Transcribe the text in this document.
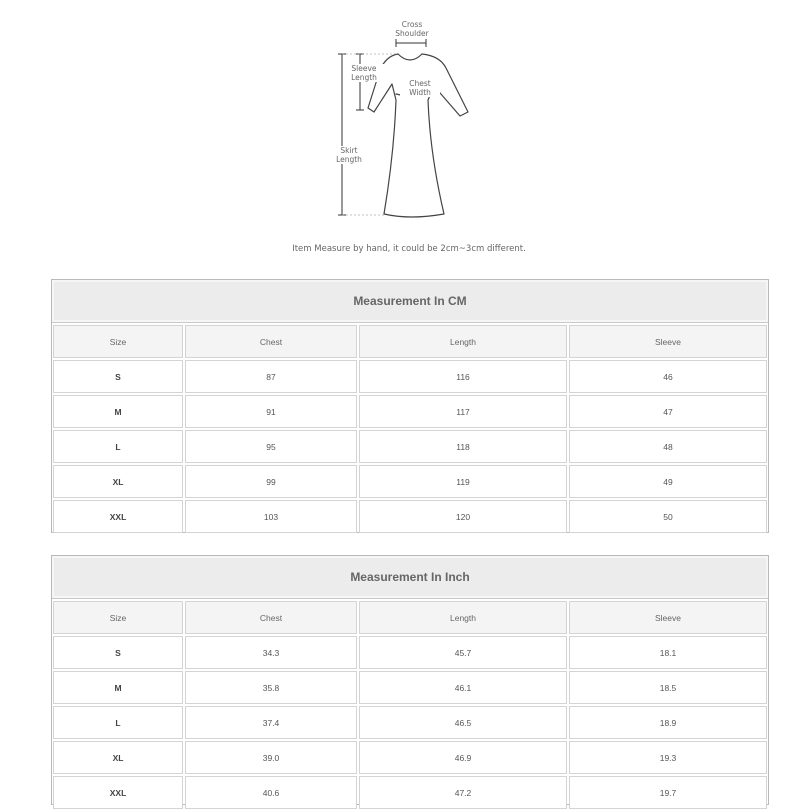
Cross
Shoulder
Sleeve
Length
Chest
Width
Skirt
Length
Item Measure by hand, it could be 2cm~3cm different.
Measurement In CM
Size	Chest	Length	Sleeve
S	87	116	46
M	91	117	47
L	95	118	48
XL	99	119	49
XXL	103	120	50
Measurement In Inch
Size	Chest	Length	Sleeve
S	34.3	45.7	18.1
M	35.8	46.1	18.5
L	37.4	46.5	18.9
XL	39.0	46.9	19.3
XXL	40.6	47.2	19.7
